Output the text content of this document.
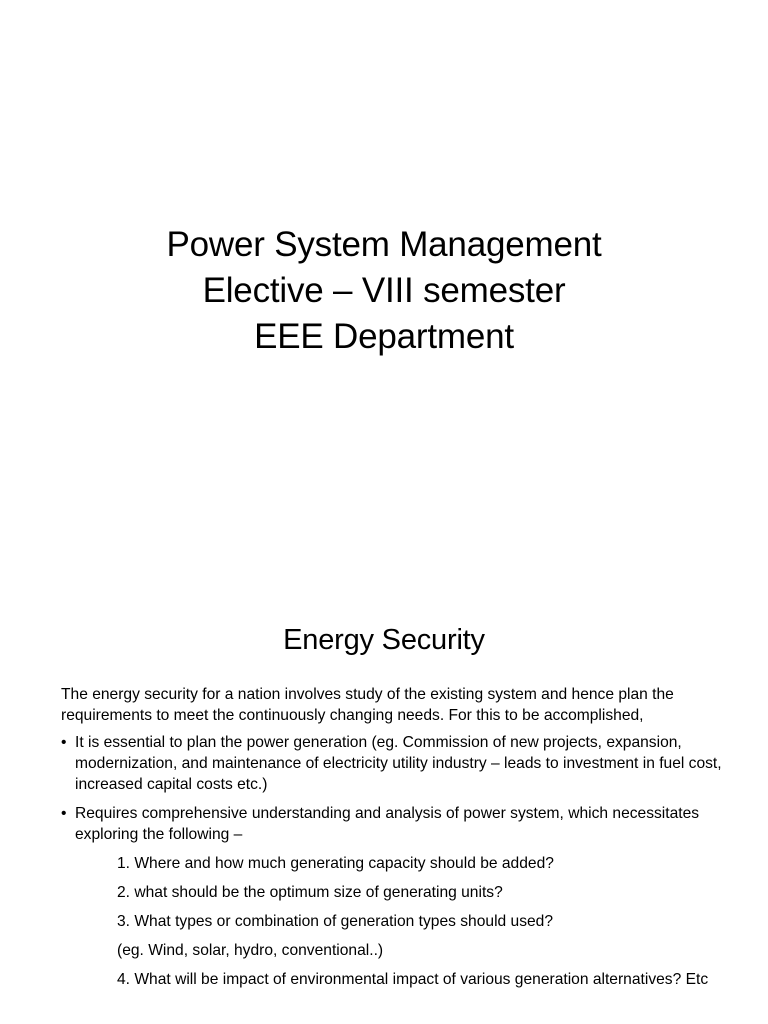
Power System Management
Elective – VIII semester
EEE Department
Energy Security

The energy security for a nation involves study of the existing system and hence plan the requirements to meet the continuously changing needs. For this to be accomplished,

• It is essential to plan the power generation (eg. Commission of new projects, expansion, modernization, and maintenance of electricity utility industry – leads to investment in fuel cost, increased capital costs etc.)
• Requires comprehensive understanding and analysis of power system, which necessitates exploring the following –
1. Where and how much generating capacity should be added?
2. what should be the optimum size of generating units?
3. What types or combination of generation types should used?
(eg. Wind, solar, hydro, conventional..)
4. What will be impact of environmental impact of various generation alternatives? Etc
